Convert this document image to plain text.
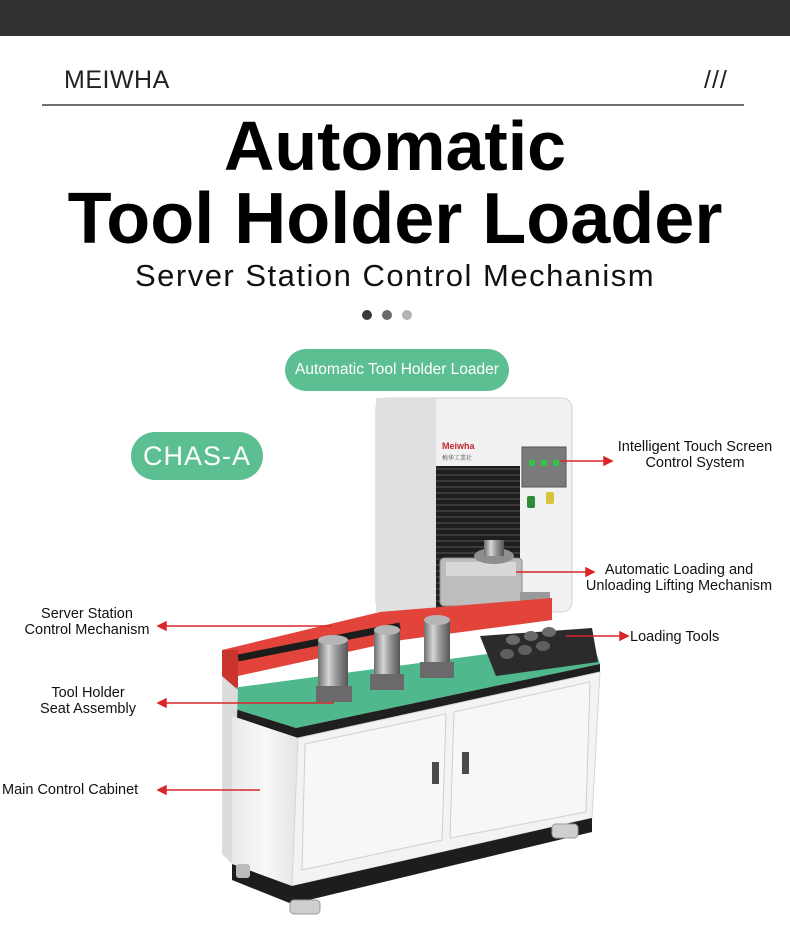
MEIWHA	///
Automatic
Tool Holder Loader
Server Station Control Mechanism
Meiwha
梅华工業社
Automatic Tool Holder Loader
CHAS-A	Intelligent Touch Screen
Control System
Automatic Loading and
Unloading Lifting Mechanism
Loading Tools
Server Station
Control Mechanism
Tool Holder
Seat Assembly
Main Control Cabinet
